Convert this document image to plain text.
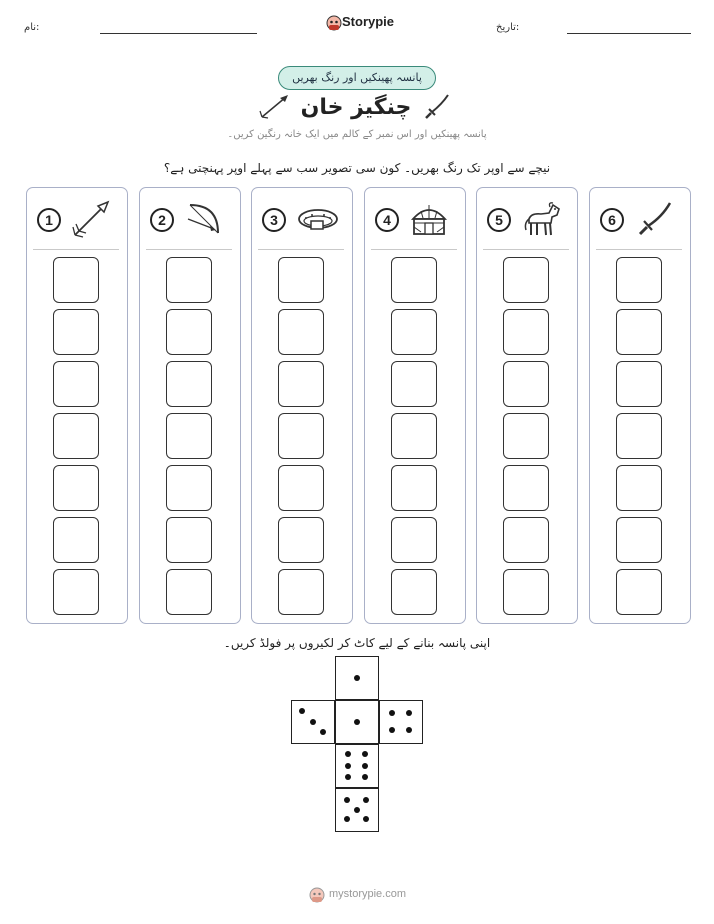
نام:	Storypie	تاریخ:
پانسہ پھینکیں اور رنگ بھریں
چنگیز خان
پانسہ پھینکیں اور اس نمبر کے کالم میں ایک خانہ رنگین کریں۔
نیچے سے اوپر تک رنگ بھریں۔ کون سی تصویر سب سے پہلے اوپر پہنچتی ہے؟
1	2	3	4	5	6
اپنی پانسہ بنانے کے لیے کاٹ کر لکیروں پر فولڈ کریں۔
mystorypie.com
